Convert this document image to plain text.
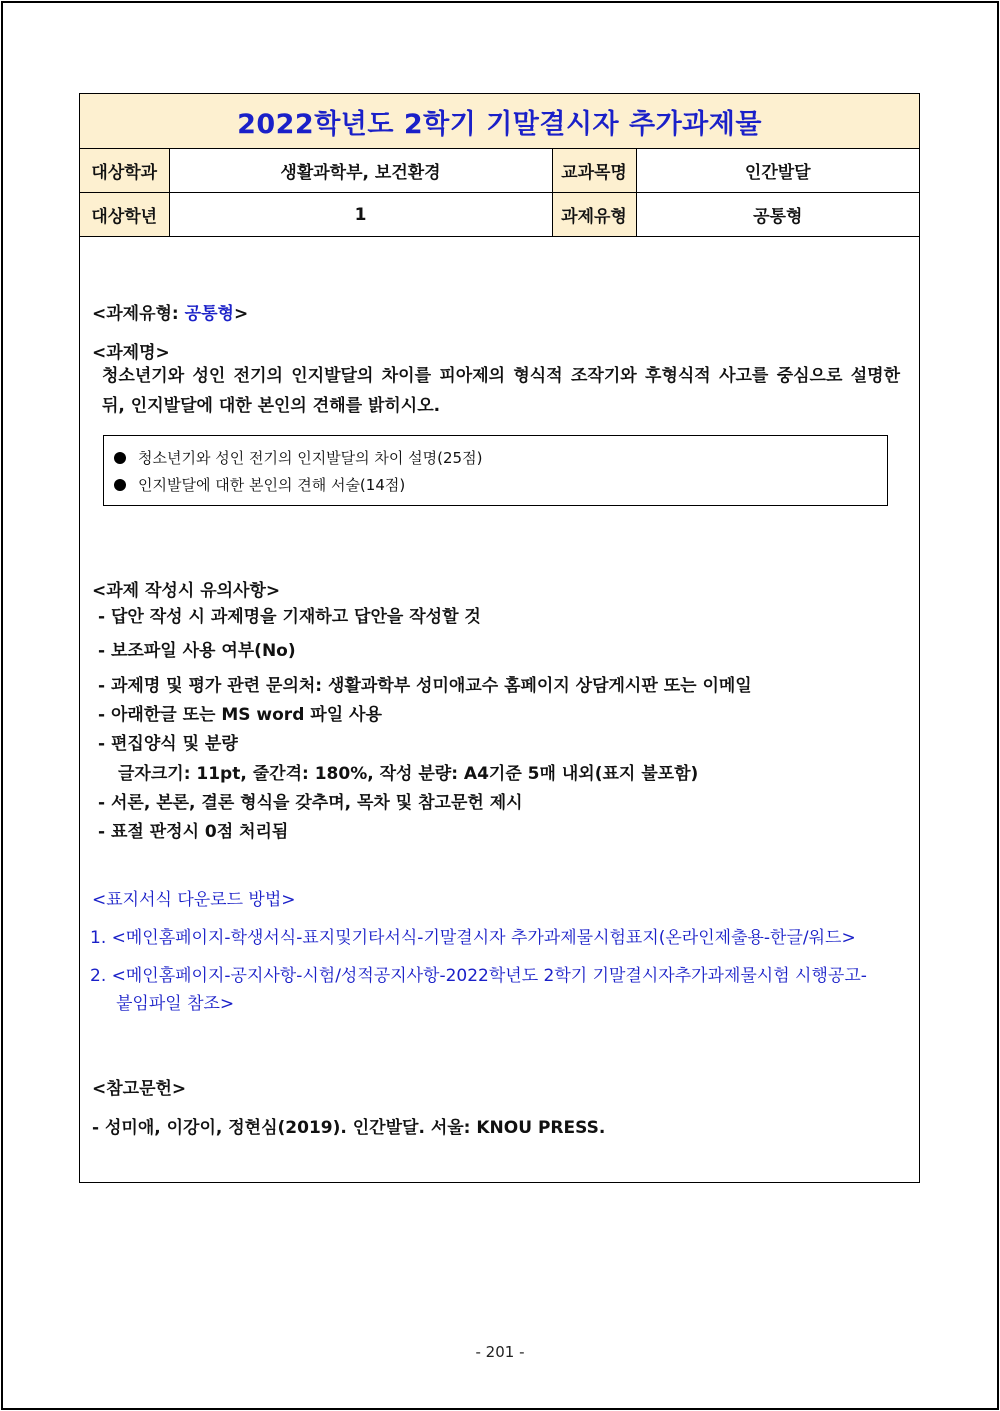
2022학년도 2학기 기말결시자 추가과제물			
대상학과	생활과학부, 보건환경	교과목명	인간발달
대상학년	1	과제유형	공통형
<과제유형: 공통형>
<과제명>
청소년기와 성인 전기의 인지발달의 차이를 피아제의 형식적 조작기와 후형식적 사고를 중심으로 설명한 뒤, 인지발달에 대한 본인의 견해를 밝히시오.
청소년기와 성인 전기의 인지발달의 차이 설명(25점)
인지발달에 대한 본인의 견해 서술(14점)
<과제 작성시 유의사항>
- 답안 작성 시 과제명을 기재하고 답안을 작성할 것
- 보조파일 사용 여부(No)
- 과제명 및 평가 관련 문의처: 생활과학부 성미애교수 홈페이지 상담게시판 또는 이메일
- 아래한글 또는 MS word 파일 사용
- 편집양식 및 분량
글자크기: 11pt, 줄간격: 180%, 작성 분량: A4기준 5매 내외(표지 불포함)
- 서론, 본론, 결론 형식을 갖추며, 목차 및 참고문헌 제시
- 표절 판정시 0점 처리됨
<표지서식 다운로드 방법>
1. <메인홈페이지-학생서식-표지및기타서식-기말결시자 추가과제물시험표지(온라인제출용-한글/워드>
2. <메인홈페이지-공지사항-시험/성적공지사항-2022학년도 2학기 기말결시자추가과제물시험 시행공고-
붙임파일 참조>
<참고문헌>
- 성미애, 이강이, 정현심(2019). 인간발달. 서울: KNOU PRESS.
- 201 -
